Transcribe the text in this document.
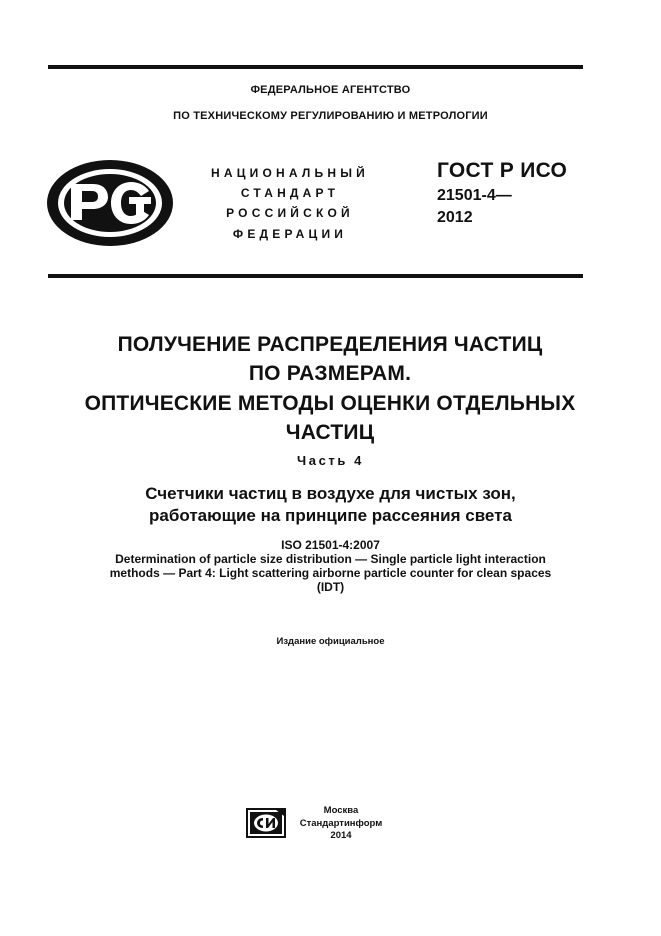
ФЕДЕРАЛЬНОЕ АГЕНТСТВО
ПО ТЕХНИЧЕСКОМУ РЕГУЛИРОВАНИЮ И МЕТРОЛОГИИ
НАЦИОНАЛЬНЫЙ
СТАНДАРТ
РОССИЙСКОЙ
ФЕДЕРАЦИИ
ГОСТ Р ИСО
21501-4—
2012
ПОЛУЧЕНИЕ РАСПРЕДЕЛЕНИЯ ЧАСТИЦ
ПО РАЗМЕРАМ.
ОПТИЧЕСКИЕ МЕТОДЫ ОЦЕНКИ ОТДЕЛЬНЫХ
ЧАСТИЦ
Часть 4
Счетчики частиц в воздухе для чистых зон,
работающие на принципе рассеяния света
ISO 21501-4:2007
Determination of particle size distribution — Single particle light interaction
methods — Part 4: Light scattering airborne particle counter for clean spaces
(IDT)
Издание официальное
Москва
Стандартинформ
2014
